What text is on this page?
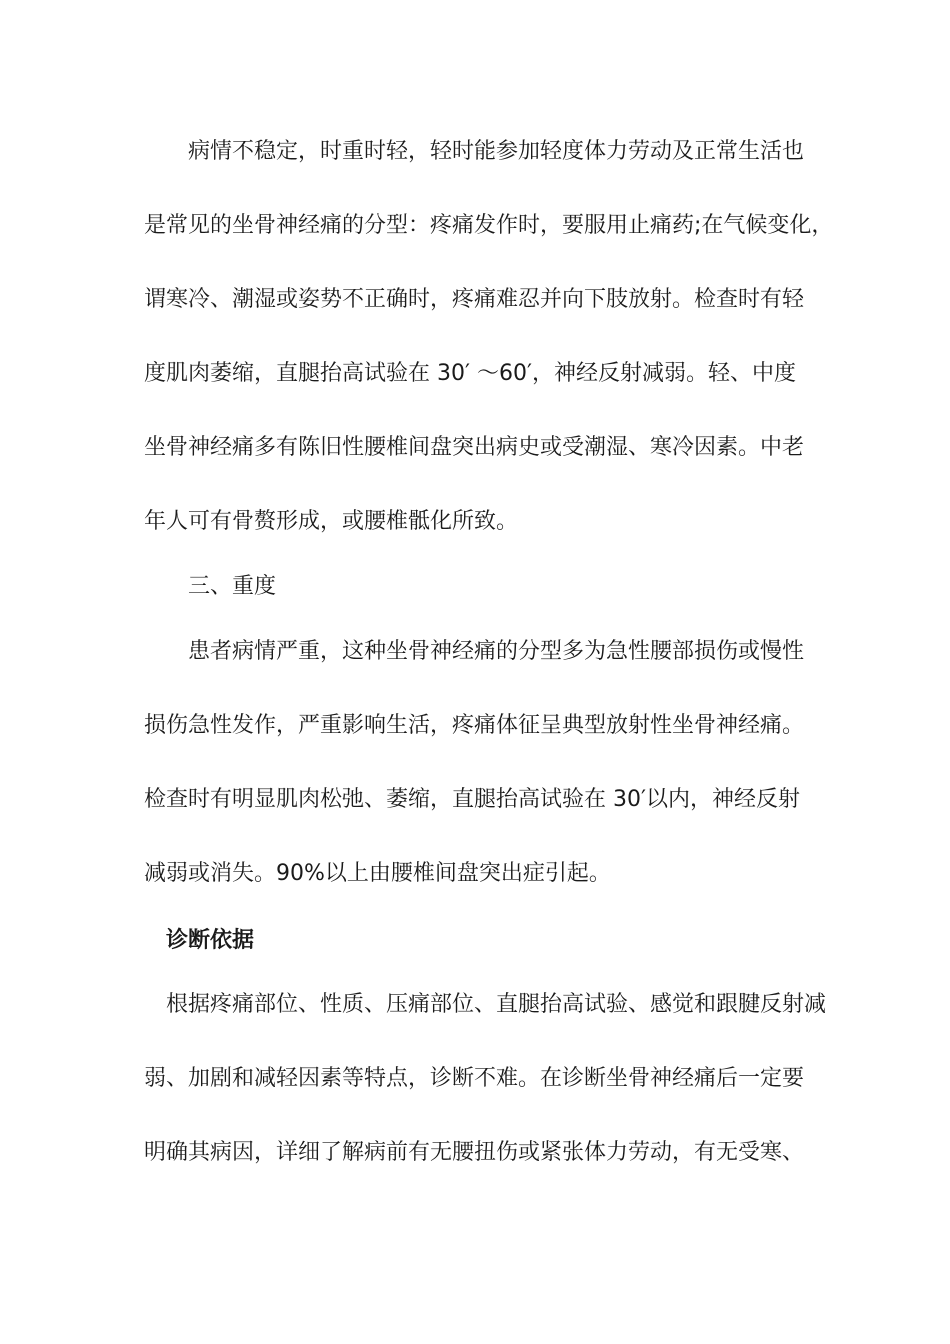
病情不稳定，时重时轻，轻时能参加轻度体力劳动及正常生活也
是常见的坐骨神经痛的分型：疼痛发作时，要服用止痛药;在气候变化，
谓寒冷、潮湿或姿势不正确时，疼痛难忍并向下肢放射。检查时有轻
度肌肉萎缩，直腿抬高试验在 30′ ～60′，神经反射减弱。轻、中度
坐骨神经痛多有陈旧性腰椎间盘突出病史或受潮湿、寒冷因素。中老
年人可有骨赘形成，或腰椎骶化所致。
三、重度
患者病情严重，这种坐骨神经痛的分型多为急性腰部损伤或慢性
损伤急性发作，严重影响生活，疼痛体征呈典型放射性坐骨神经痛。
检查时有明显肌肉松弛、萎缩，直腿抬高试验在 30′以内，神经反射
减弱或消失。90%以上由腰椎间盘突出症引起。
诊断依据
根据疼痛部位、性质、压痛部位、直腿抬高试验、感觉和跟腱反射减
弱、加剧和减轻因素等特点，诊断不难。在诊断坐骨神经痛后一定要
明确其病因，详细了解病前有无腰扭伤或紧张体力劳动，有无受寒、
